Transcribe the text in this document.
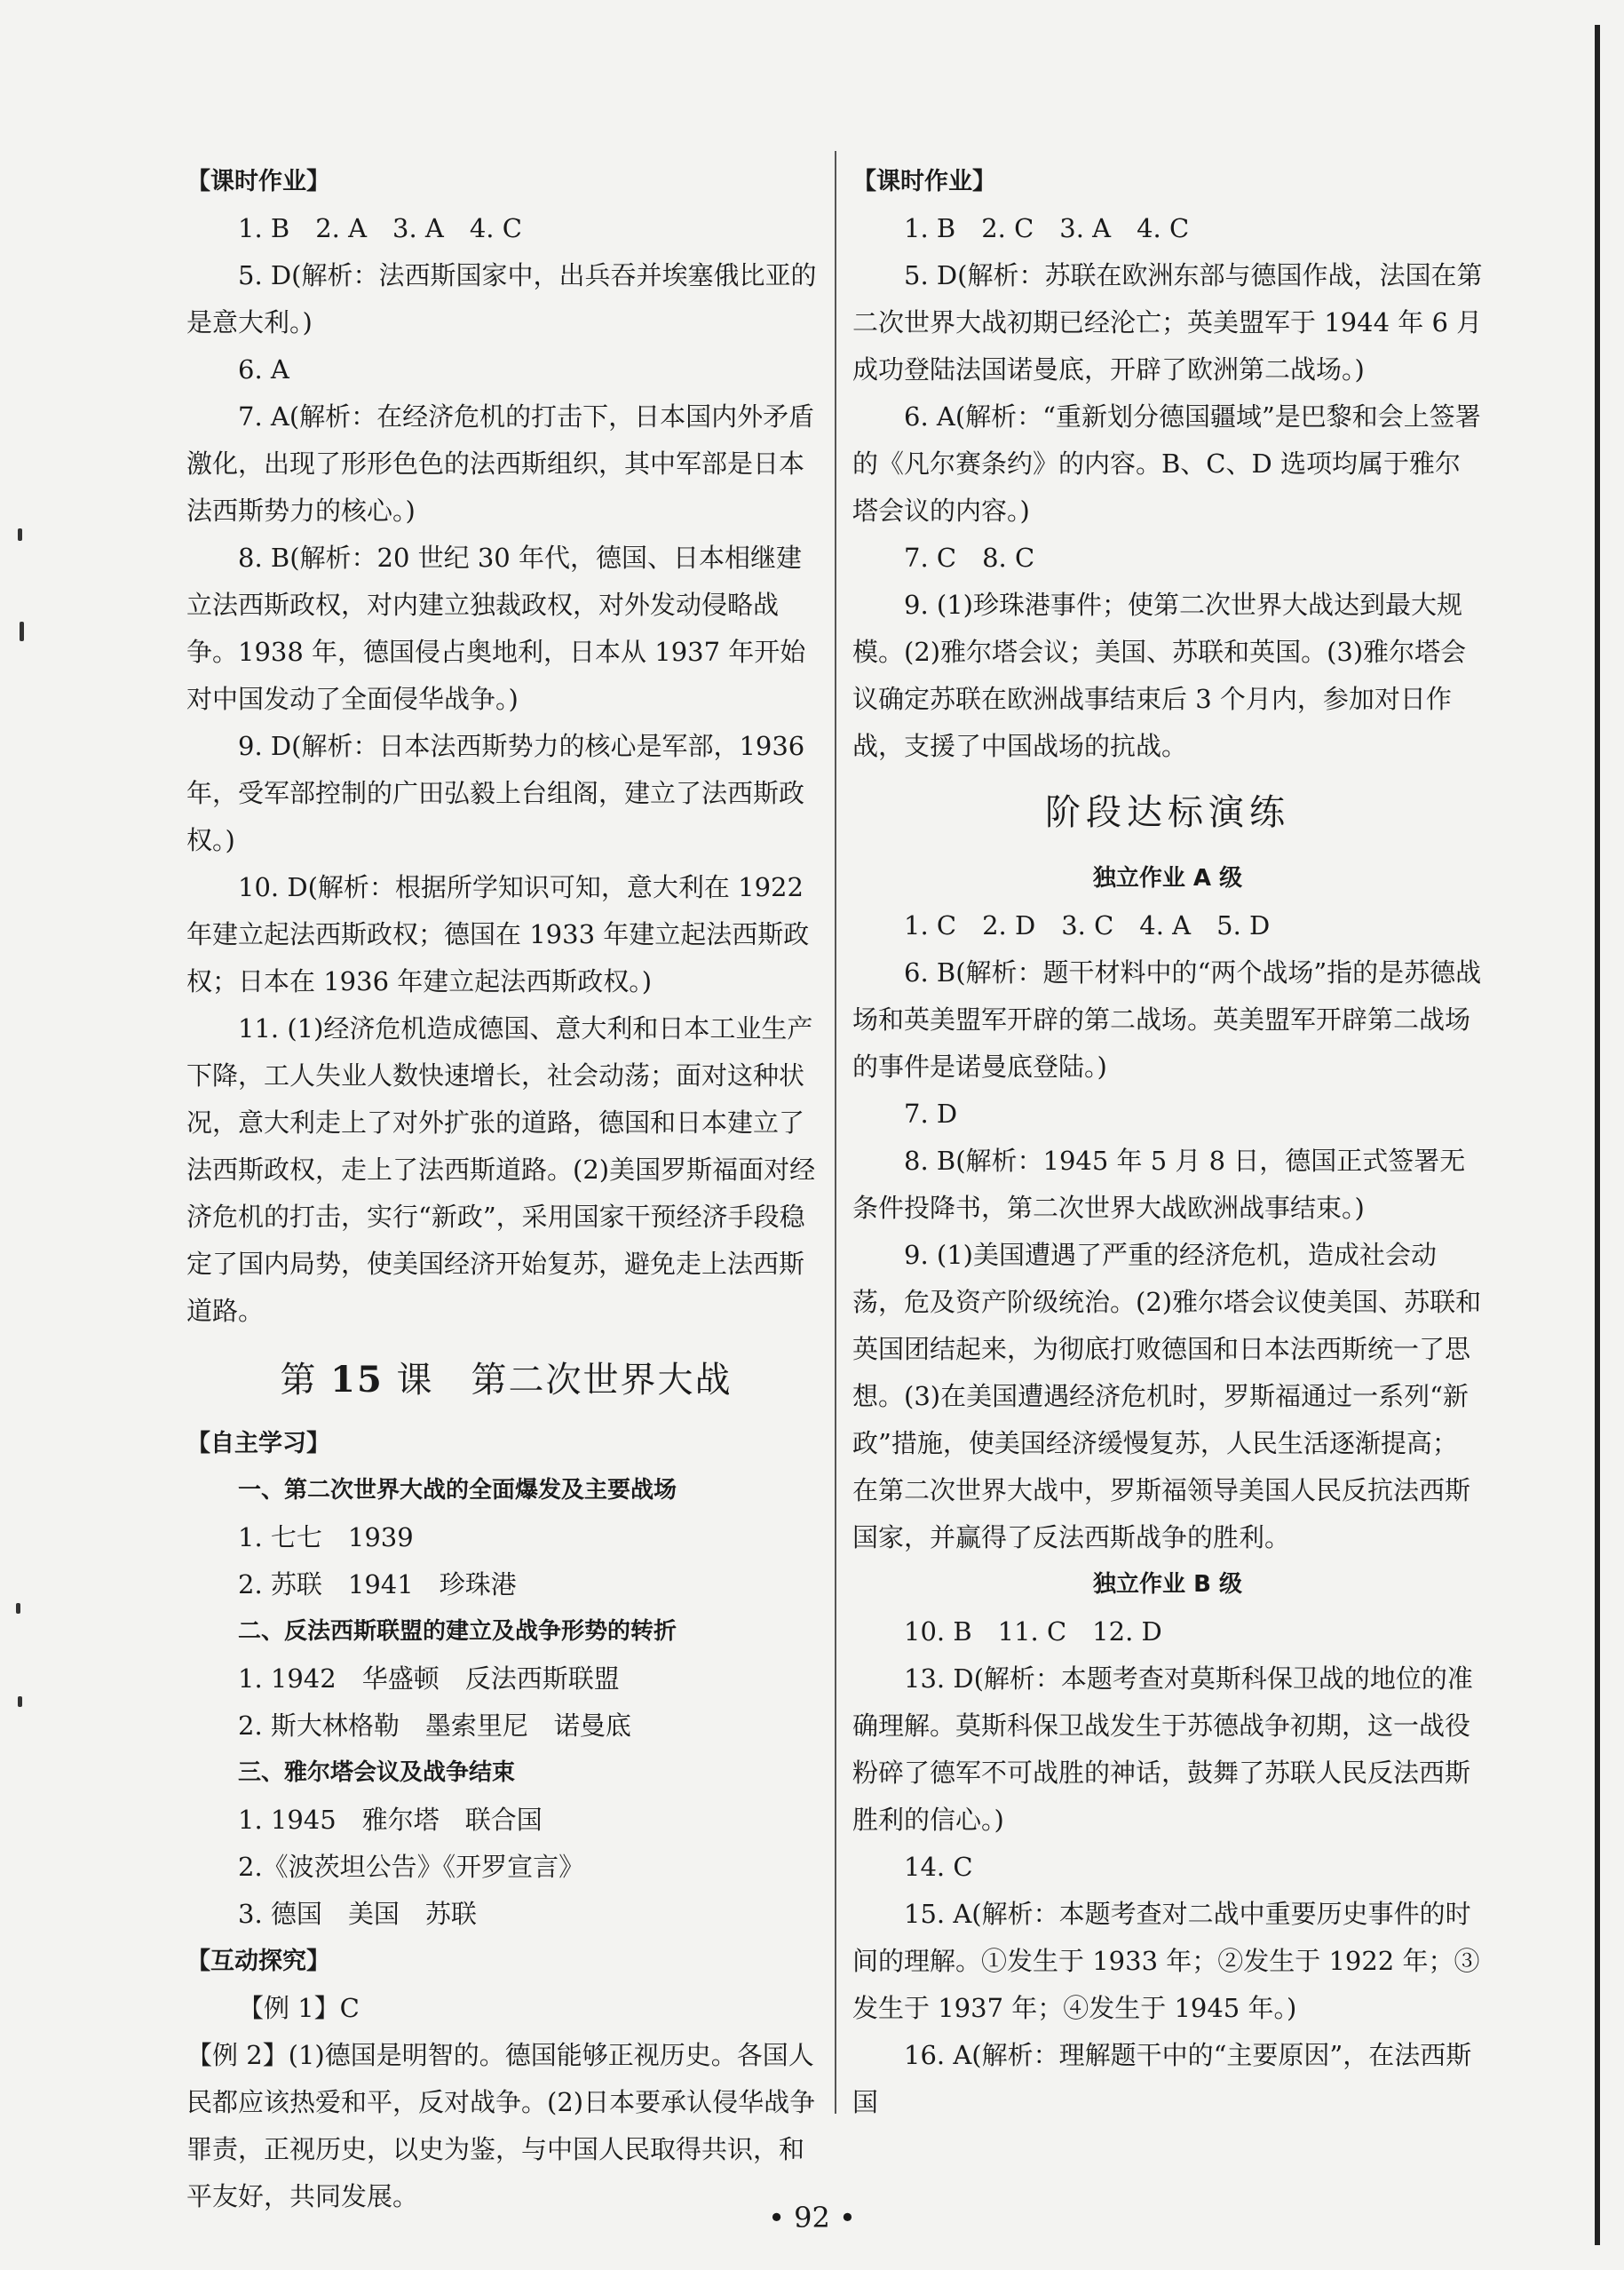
【课时作业】

1. B　2. A　3. A　4. C

5. D(解析：法西斯国家中，出兵吞并埃塞俄比亚的是意大利。)

6. A

7. A(解析：在经济危机的打击下，日本国内外矛盾激化，出现了形形色色的法西斯组织，其中军部是日本法西斯势力的核心。)

8. B(解析：20 世纪 30 年代，德国、日本相继建立法西斯政权，对内建立独裁政权，对外发动侵略战争。1938 年，德国侵占奥地利，日本从 1937 年开始对中国发动了全面侵华战争。)

9. D(解析：日本法西斯势力的核心是军部，1936 年，受军部控制的广田弘毅上台组阁，建立了法西斯政权。)

10. D(解析：根据所学知识可知，意大利在 1922 年建立起法西斯政权；德国在 1933 年建立起法西斯政权；日本在 1936 年建立起法西斯政权。)

11. (1)经济危机造成德国、意大利和日本工业生产下降，工人失业人数快速增长，社会动荡；面对这种状况，意大利走上了对外扩张的道路，德国和日本建立了法西斯政权，走上了法西斯道路。(2)美国罗斯福面对经济危机的打击，实行“新政”，采用国家干预经济手段稳定了国内局势，使美国经济开始复苏，避免走上法西斯道路。

第 15 课　第二次世界大战

【自主学习】

一、第二次世界大战的全面爆发及主要战场

1. 七七　1939

2. 苏联　1941　珍珠港

二、反法西斯联盟的建立及战争形势的转折

1. 1942　华盛顿　反法西斯联盟

2. 斯大林格勒　墨索里尼　诺曼底

三、雅尔塔会议及战争结束

1. 1945　雅尔塔　联合国

2.《波茨坦公告》《开罗宣言》

3. 德国　美国　苏联

【互动探究】

【例 1】C

【例 2】(1)德国是明智的。德国能够正视历史。各国人民都应该热爱和平，反对战争。(2)日本要承认侵华战争罪责，正视历史，以史为鉴，与中国人民取得共识，和平友好，共同发展。

【课时作业】

1. B　2. C　3. A　4. C

5. D(解析：苏联在欧洲东部与德国作战，法国在第二次世界大战初期已经沦亡；英美盟军于 1944 年 6 月成功登陆法国诺曼底，开辟了欧洲第二战场。)

6. A(解析：“重新划分德国疆域”是巴黎和会上签署的《凡尔赛条约》的内容。B、C、D 选项均属于雅尔塔会议的内容。)

7. C　8. C

9. (1)珍珠港事件；使第二次世界大战达到最大规模。(2)雅尔塔会议；美国、苏联和英国。(3)雅尔塔会议确定苏联在欧洲战事结束后 3 个月内，参加对日作战，支援了中国战场的抗战。

阶段达标演练

独立作业 A 级

1. C　2. D　3. C　4. A　5. D

6. B(解析：题干材料中的“两个战场”指的是苏德战场和英美盟军开辟的第二战场。英美盟军开辟第二战场的事件是诺曼底登陆。)

7. D

8. B(解析：1945 年 5 月 8 日，德国正式签署无条件投降书，第二次世界大战欧洲战事结束。)

9. (1)美国遭遇了严重的经济危机，造成社会动荡，危及资产阶级统治。(2)雅尔塔会议使美国、苏联和英国团结起来，为彻底打败德国和日本法西斯统一了思想。(3)在美国遭遇经济危机时，罗斯福通过一系列“新政”措施，使美国经济缓慢复苏，人民生活逐渐提高；在第二次世界大战中，罗斯福领导美国人民反抗法西斯国家，并赢得了反法西斯战争的胜利。

独立作业 B 级

10. B　11. C　12. D

13. D(解析：本题考查对莫斯科保卫战的地位的准确理解。莫斯科保卫战发生于苏德战争初期，这一战役粉碎了德军不可战胜的神话，鼓舞了苏联人民反法西斯胜利的信心。)

14. C

15. A(解析：本题考查对二战中重要历史事件的时间的理解。①发生于 1933 年；②发生于 1922 年；③发生于 1937 年；④发生于 1945 年。)

16. A(解析：理解题干中的“主要原因”，在法西斯国

• 92 •
